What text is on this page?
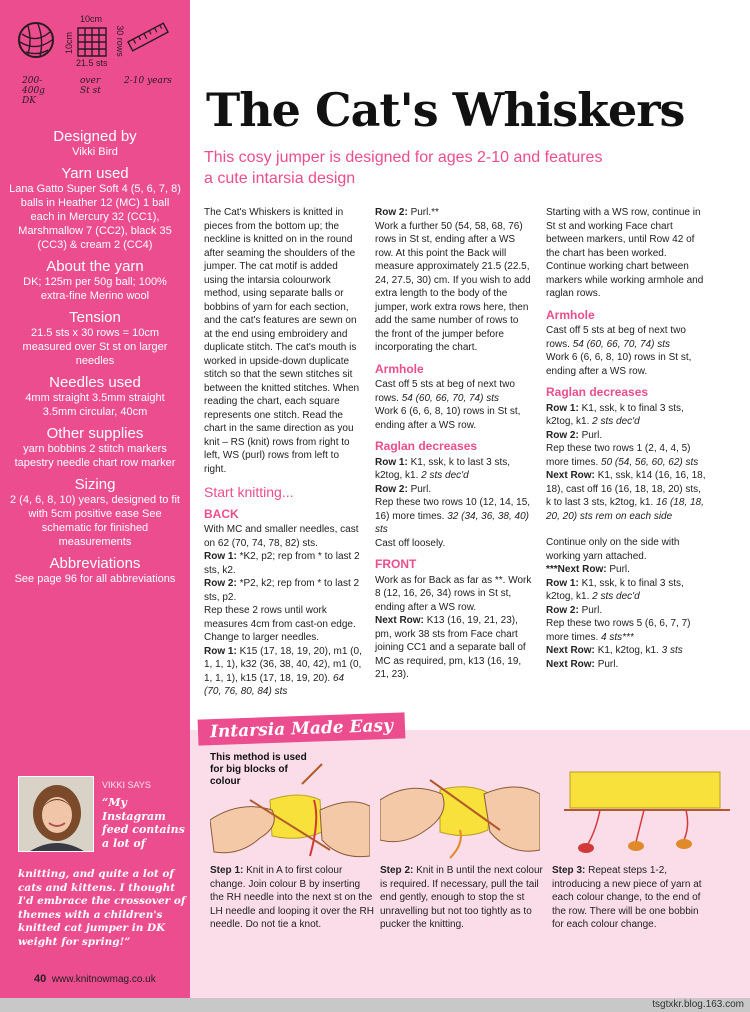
10cm
10cm	30 rows
21.5 sts
200-400g DK
over St st
2-10 years
Designed by
Vikki Bird
Yarn used
Lana Gatto Super Soft 4 (5, 6, 7, 8) balls in Heather 12 (MC) 1 ball each in Mercury 32 (CC1), Marshmallow 7 (CC2), black 35 (CC3) & cream 2 (CC4)
About the yarn
DK; 125m per 50g ball; 100% extra-fine Merino wool
Tension
21.5 sts x 30 rows = 10cm measured over St st on larger needles
Needles used
4mm straight 3.5mm straight 3.5mm circular, 40cm
Other supplies
yarn bobbins 2 stitch markers tapestry needle chart row marker
Sizing
2 (4, 6, 8, 10) years, designed to fit with 5cm positive ease See schematic for finished measurements
Abbreviations
See page 96 for all abbreviations
VIKKI SAYS
“My Instagram feed contains a lot of
knitting, and quite a lot of cats and kittens. I thought I'd embrace the crossover of themes with a children's knitted cat jumper in DK weight for spring!”
40 www.knitnowmag.co.uk
The Cat's Whiskers
This cosy jumper is designed for ages 2-10 and features a cute intarsia design

The Cat's Whiskers is knitted in pieces from the bottom up; the neckline is knitted on in the round after seaming the shoulders of the jumper. The cat motif is added using the intarsia colourwork method, using separate balls or bobbins of yarn for each section, and the cat's features are sewn on at the end using embroidery and duplicate stitch. The cat's mouth is worked in upside-down duplicate stitch so that the sewn stitches sit between the knitted stitches. When reading the chart, each square represents one stitch. Read the chart in the same direction as you knit – RS (knit) rows from right to left, WS (purl) rows from left to right.

Start knitting...
BACK

With MC and smaller needles, cast on 62 (70, 74, 78, 82) sts.

Row 1: *K2, p2; rep from * to last 2 sts, k2.

Row 2: *P2, k2; rep from * to last 2 sts, p2.

Rep these 2 rows until work measures 4cm from cast-on edge. Change to larger needles.

Row 1: K15 (17, 18, 19, 20), m1 (0, 1, 1, 1), k32 (36, 38, 40, 42), m1 (0, 1, 1, 1), k15 (17, 18, 19, 20). 64 (70, 76, 80, 84) sts

Row 2: Purl.**

Work a further 50 (54, 58, 68, 76) rows in St st, ending after a WS row. At this point the Back will measure approximately 21.5 (22.5, 24, 27.5, 30) cm. If you wish to add extra length to the body of the jumper, work extra rows here, then add the same number of rows to the front of the jumper before incorporating the chart.

Armhole

Cast off 5 sts at beg of next two rows. 54 (60, 66, 70, 74) sts

Work 6 (6, 6, 8, 10) rows in St st, ending after a WS row.

Raglan decreases

Row 1: K1, ssk, k to last 3 sts, k2tog, k1. 2 sts dec'd

Row 2: Purl.

Rep these two rows 10 (12, 14, 15, 16) more times. 32 (34, 36, 38, 40) sts

Cast off loosely.

FRONT

Work as for Back as far as **. Work 8 (12, 16, 26, 34) rows in St st, ending after a WS row.

Next Row: K13 (16, 19, 21, 23), pm, work 38 sts from Face chart joining CC1 and a separate ball of MC as required, pm, k13 (16, 19, 21, 23).

Starting with a WS row, continue in St st and working Face chart between markers, until Row 42 of the chart has been worked. Continue working chart between markers while working armhole and raglan rows.

Armhole

Cast off 5 sts at beg of next two rows. 54 (60, 66, 70, 74) sts

Work 6 (6, 6, 8, 10) rows in St st, ending after a WS row.

Raglan decreases

Row 1: K1, ssk, k to final 3 sts, k2tog, k1. 2 sts dec'd

Row 2: Purl.

Rep these two rows 1 (2, 4, 4, 5) more times. 50 (54, 56, 60, 62) sts

Next Row: K1, ssk, k14 (16, 16, 18, 18), cast off 16 (16, 18, 18, 20) sts, k to last 3 sts, k2tog, k1. 16 (18, 18, 20, 20) sts rem on each side

Continue only on the side with working yarn attached.

***Next Row: Purl.

Row 1: K1, ssk, k to final 3 sts, k2tog, k1. 2 sts dec'd

Row 2: Purl.

Rep these two rows 5 (6, 6, 7, 7) more times. 4 sts***

Next Row: K1, k2tog, k1. 3 sts

Next Row: Purl.

Intarsia Made Easy
This method is used for big blocks of colour
Step 1: Knit in A to first colour change. Join colour B by inserting the RH needle into the next st on the LH needle and looping it over the RH needle. Do not tie a knot.
Step 2: Knit in B until the next colour is required. If necessary, pull the tail end gently, enough to stop the st unravelling but not too tightly as to pucker the knitting.
Step 3: Repeat steps 1-2, introducing a new piece of yarn at each colour change, to the end of the row. There will be one bobbin for each colour change.
tsgtxkr.blog.163.com
